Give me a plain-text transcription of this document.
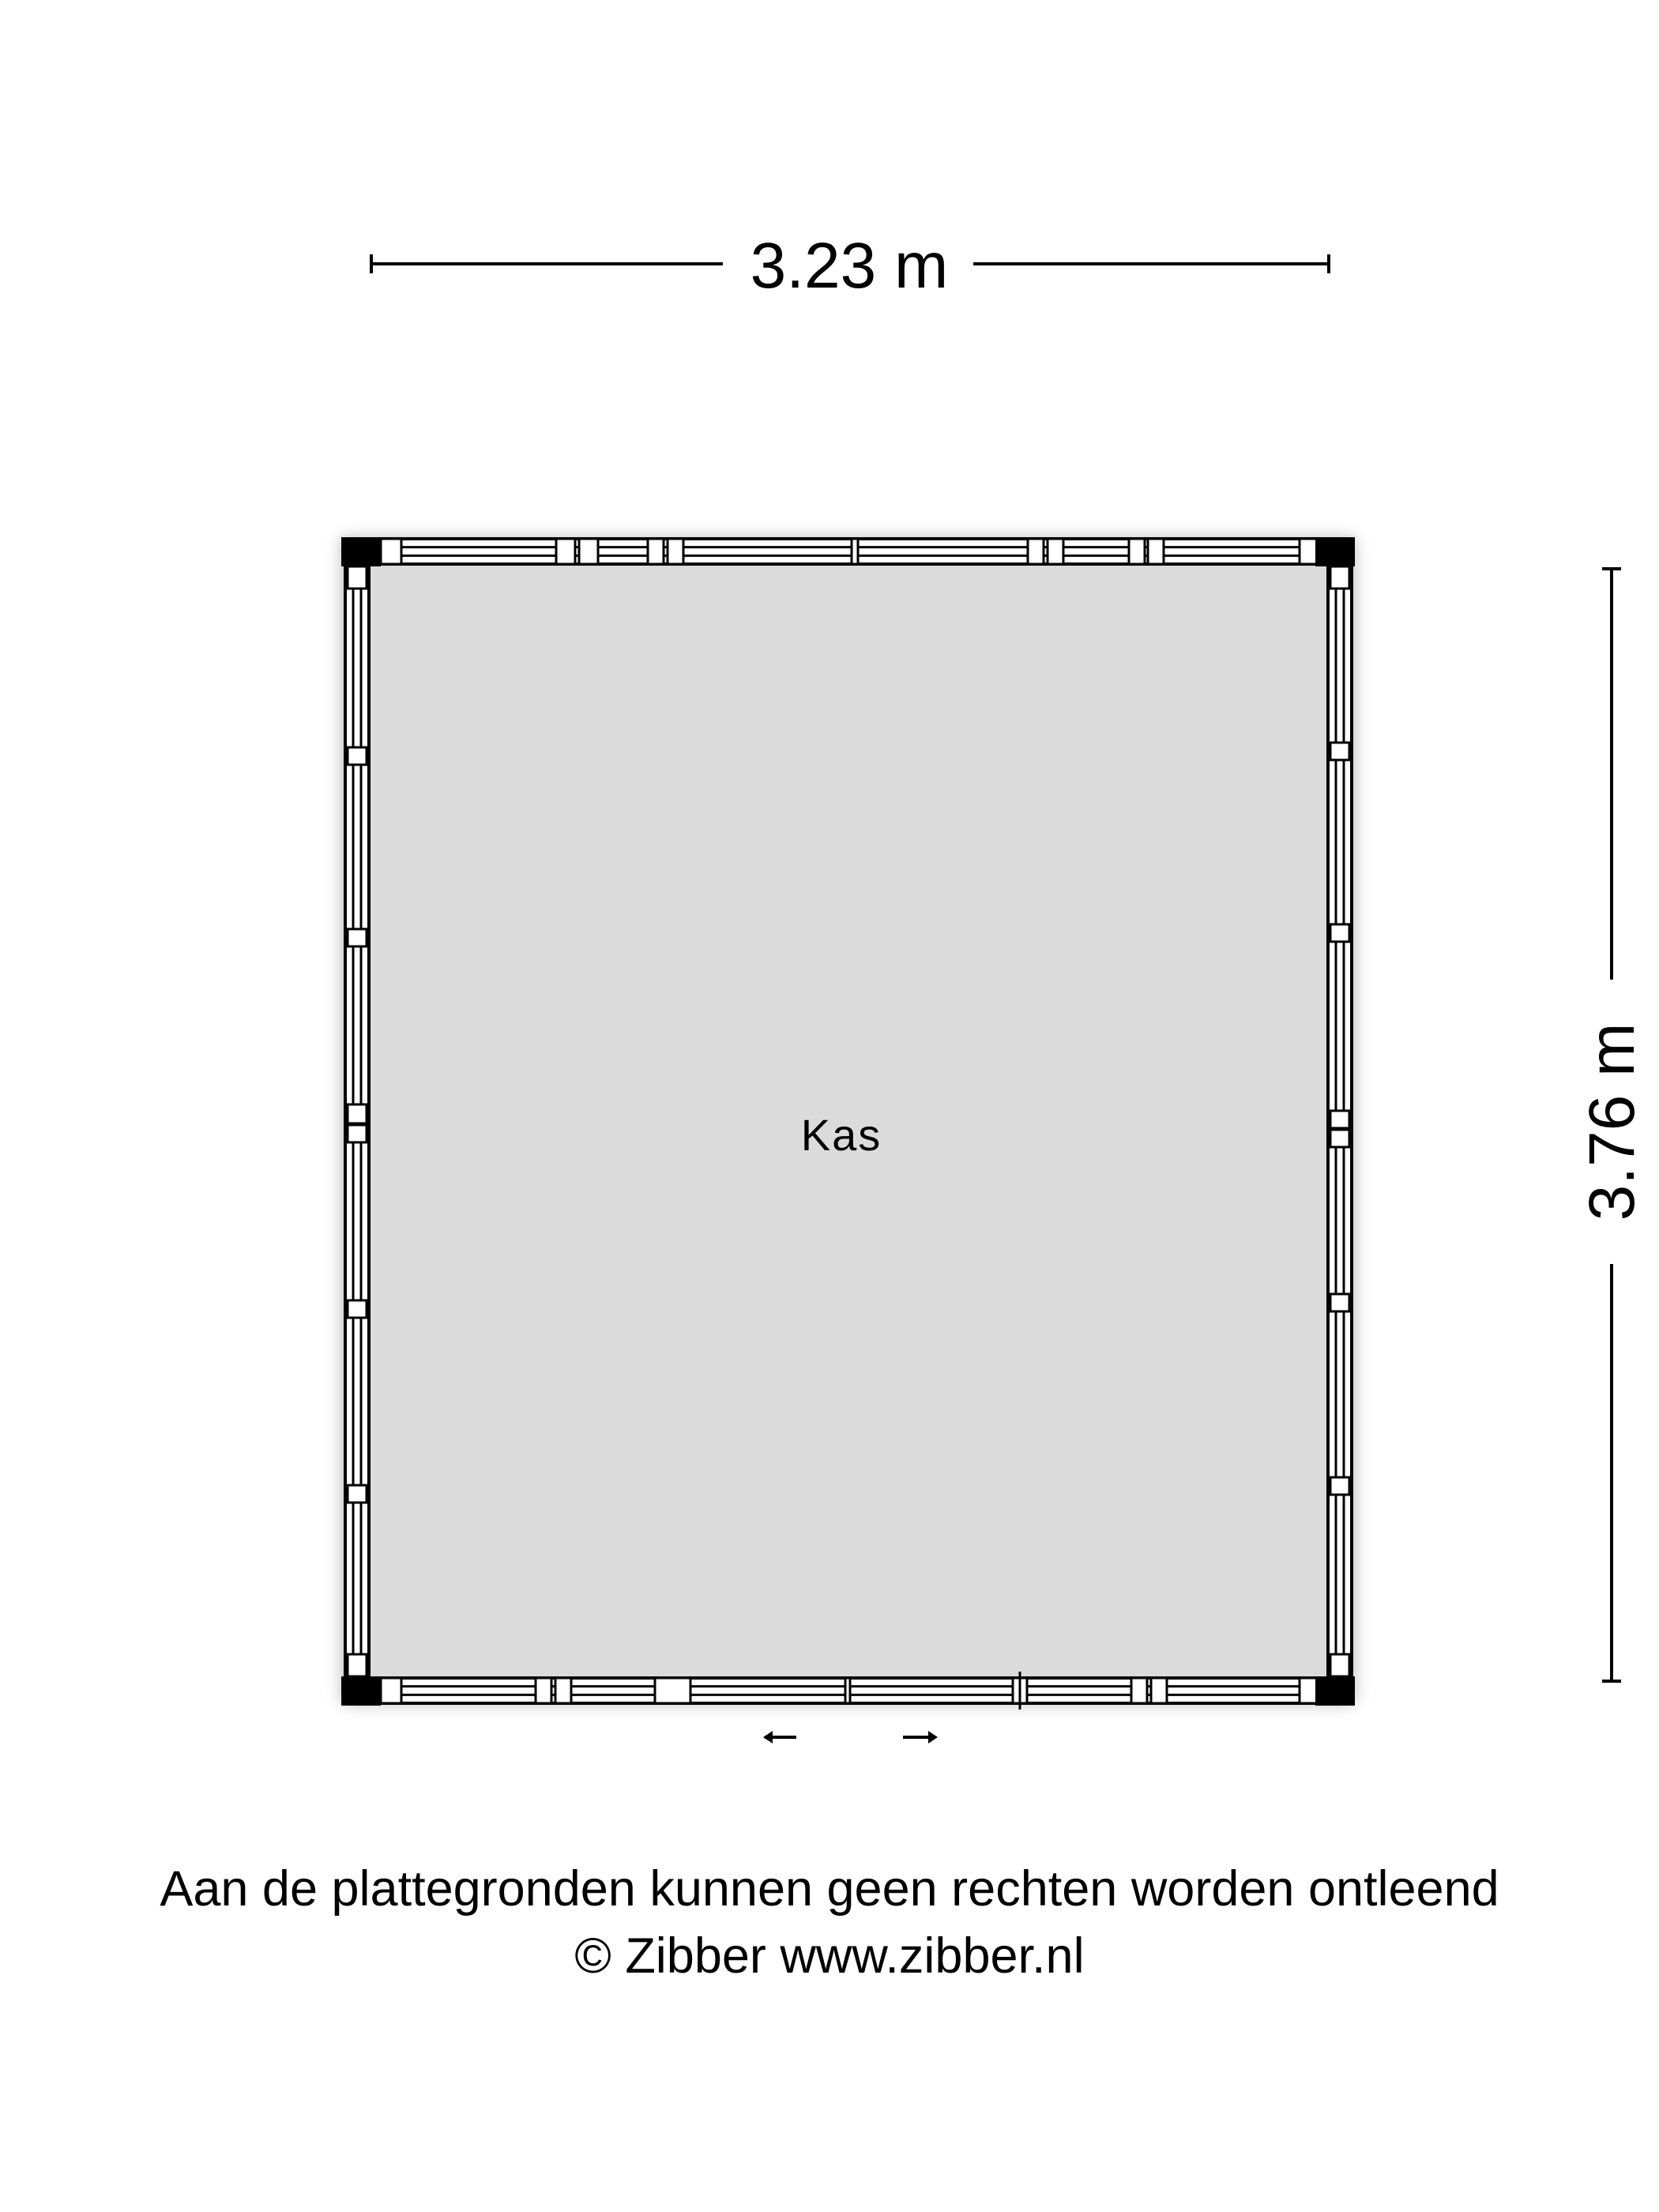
3.23 m
3.76 m
Kas
Aan de plattegronden kunnen geen rechten worden ontleend
© Zibber www.zibber.nl
